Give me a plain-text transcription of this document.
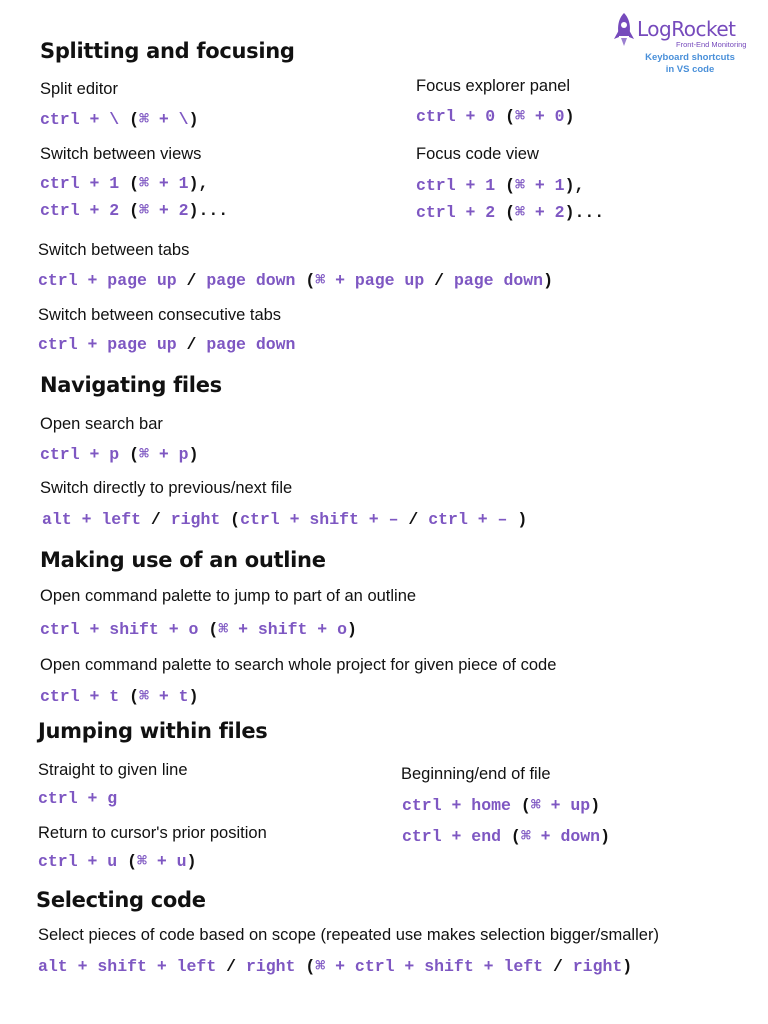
LogRocket
Front-End Monitoring
Keyboard shortcuts
in VS code
Splitting and focusing
Split editor
ctrl + \ (⌘ + \)
Focus explorer panel
ctrl + 0 (⌘ + 0)
Switch between views
ctrl + 1 (⌘ + 1),
ctrl + 2 (⌘ + 2)...
Focus code view
ctrl + 1 (⌘ + 1),
ctrl + 2 (⌘ + 2)...
Switch between tabs
ctrl + page up / page down (⌘ + page up / page down)
Switch between consecutive tabs
ctrl + page up / page down
Navigating files
Open search bar
ctrl + p (⌘ + p)
Switch directly to previous/next file
alt + left / right (ctrl + shift + – / ctrl + – )
Making use of an outline
Open command palette to jump to part of an outline
ctrl + shift + o (⌘ + shift + o)
Open command palette to search whole project for given piece of code
ctrl + t (⌘ + t)
Jumping within files
Straight to given line
ctrl + g
Beginning/end of file
ctrl + home (⌘ + up)
ctrl + end (⌘ + down)
Return to cursor's prior position
ctrl + u (⌘ + u)
Selecting code
Select pieces of code based on scope (repeated use makes selection bigger/smaller)
alt + shift + left / right (⌘ + ctrl + shift + left / right)
